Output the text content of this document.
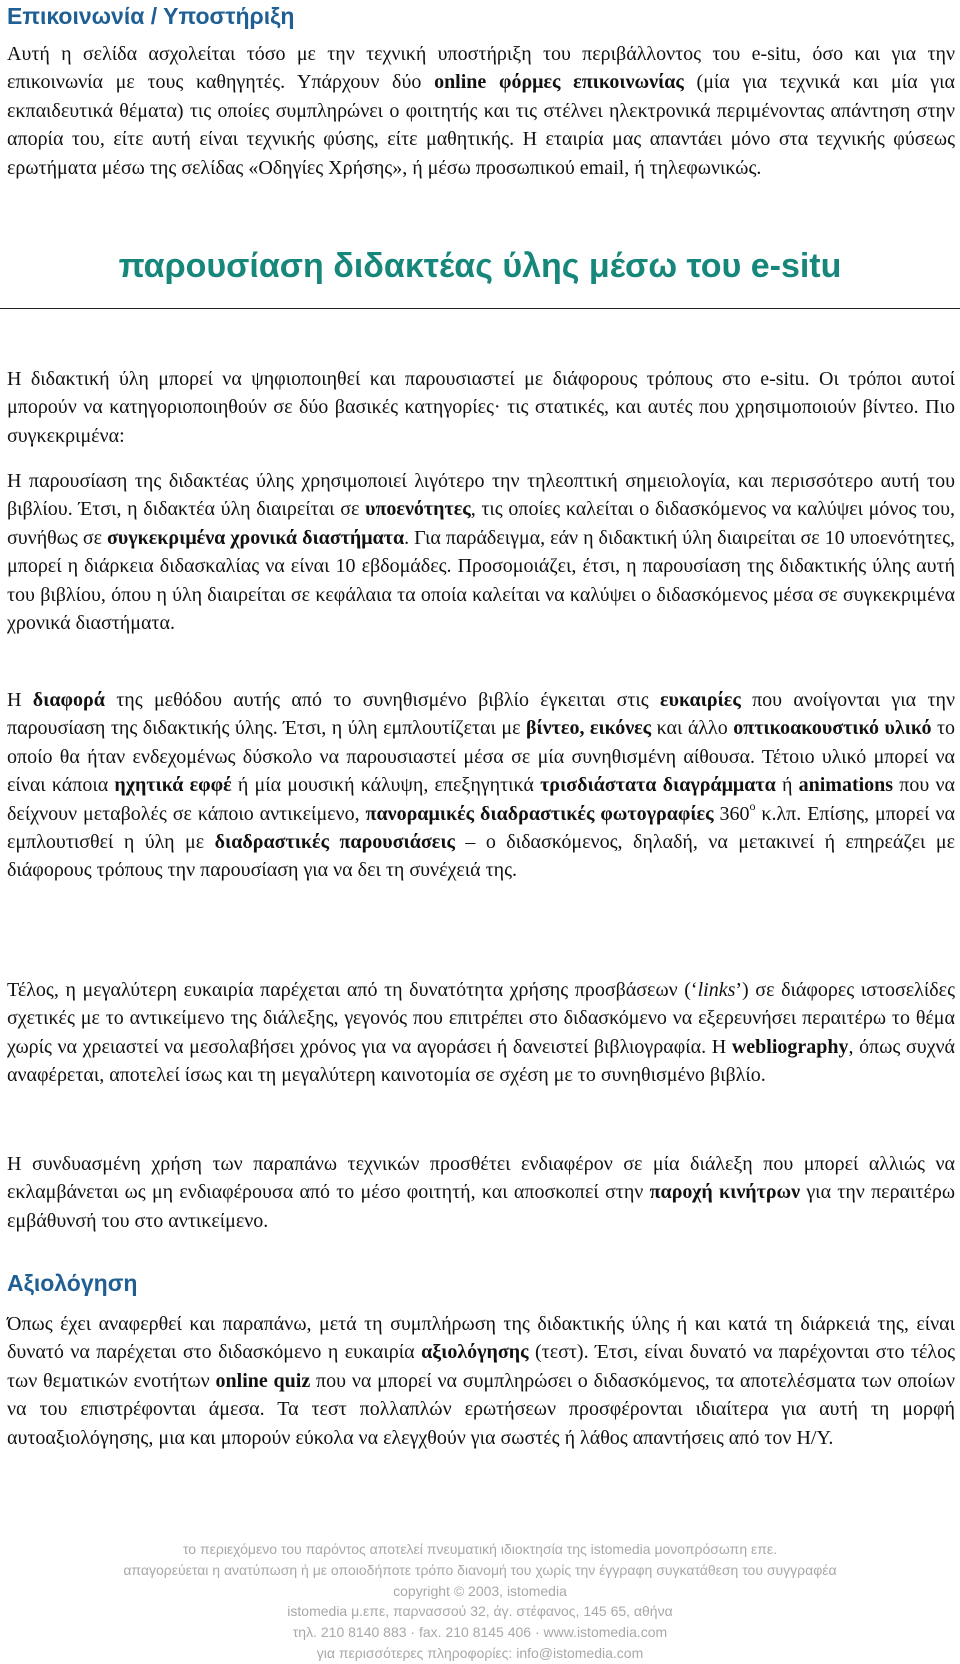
Επικοινωνία / Υποστήριξη

Αυτή η σελίδα ασχολείται τόσο με την τεχνική υποστήριξη του περιβάλλοντος του e-situ, όσο και για την επικοινωνία με τους καθηγητές. Υπάρχουν δύο online φόρμες επικοινωνίας (μία για τεχνικά και μία για εκπαιδευτικά θέματα) τις οποίες συμπληρώνει ο φοιτητής και τις στέλνει ηλεκτρονικά περιμένοντας απάντηση στην απορία του, είτε αυτή είναι τεχνικής φύσης, είτε μαθητικής. Η εταιρία μας απαντάει μόνο στα τεχνικής φύσεως ερωτήματα μέσω της σελίδας «Οδηγίες Χρήσης», ή μέσω προσωπικού email, ή τηλεφωνικώς.

παρουσίαση διδακτέας ύλης μέσω του e-situ

Η διδακτική ύλη μπορεί να ψηφιοποιηθεί και παρουσιαστεί με διάφορους τρόπους στο e-situ. Οι τρόποι αυτοί μπορούν να κατηγοριοποιηθούν σε δύο βασικές κατηγορίες· τις στατικές, και αυτές που χρησιμοποιούν βίντεο. Πιο συγκεκριμένα:

Η παρουσίαση της διδακτέας ύλης χρησιμοποιεί λιγότερο την τηλεοπτική σημειολογία, και περισσότερο αυτή του βιβλίου. Έτσι, η διδακτέα ύλη διαιρείται σε υποενότητες, τις οποίες καλείται ο διδασκόμενος να καλύψει μόνος του, συνήθως σε συγκεκριμένα χρονικά διαστήματα. Για παράδειγμα, εάν η διδακτική ύλη διαιρείται σε 10 υποενότητες, μπορεί η διάρκεια διδασκαλίας να είναι 10 εβδομάδες. Προσομοιάζει, έτσι, η παρουσίαση της διδακτικής ύλης αυτή του βιβλίου, όπου η ύλη διαιρείται σε κεφάλαια τα οποία καλείται να καλύψει ο διδασκόμενος μέσα σε συγκεκριμένα χρονικά διαστήματα.

Η διαφορά της μεθόδου αυτής από το συνηθισμένο βιβλίο έγκειται στις ευκαιρίες που ανοίγονται για την παρουσίαση της διδακτικής ύλης. Έτσι, η ύλη εμπλουτίζεται με βίντεο, εικόνες και άλλο οπτικοακουστικό υλικό το οποίο θα ήταν ενδεχομένως δύσκολο να παρουσιαστεί μέσα σε μία συνηθισμένη αίθουσα. Τέτοιο υλικό μπορεί να είναι κάποια ηχητικά εφφέ ή μία μουσική κάλυψη, επεξηγητικά τρισδιάστατα διαγράμματα ή animations που να δείχνουν μεταβολές σε κάποιο αντικείμενο, πανοραμικές διαδραστικές φωτογραφίες $360^o$ κ.λπ. Επίσης, μπορεί να εμπλουτισθεί η ύλη με διαδραστικές παρουσιάσεις – ο διδασκόμενος, δηλαδή, να μετακινεί ή επηρεάζει με διάφορους τρόπους την παρουσίαση για να δει τη συνέχειά της.

Τέλος, η μεγαλύτερη ευκαιρία παρέχεται από τη δυνατότητα χρήσης προσβάσεων (‘links’) σε διάφορες ιστοσελίδες σχετικές με το αντικείμενο της διάλεξης, γεγονός που επιτρέπει στο διδασκόμενο να εξερευνήσει περαιτέρω το θέμα χωρίς να χρειαστεί να μεσολαβήσει χρόνος για να αγοράσει ή δανειστεί βιβλιογραφία. Η webliography, όπως συχνά αναφέρεται, αποτελεί ίσως και τη μεγαλύτερη καινοτομία σε σχέση με το συνηθισμένο βιβλίο.

Η συνδυασμένη χρήση των παραπάνω τεχνικών προσθέτει ενδιαφέρον σε μία διάλεξη που μπορεί αλλιώς να εκλαμβάνεται ως μη ενδιαφέρουσα από το μέσο φοιτητή, και αποσκοπεί στην παροχή κινήτρων για την περαιτέρω εμβάθυνσή του στο αντικείμενο.

Αξιολόγηση

Όπως έχει αναφερθεί και παραπάνω, μετά τη συμπλήρωση της διδακτικής ύλης ή και κατά τη διάρκειά της, είναι δυνατό να παρέχεται στο διδασκόμενο η ευκαιρία αξιολόγησης (τεστ). Έτσι, είναι δυνατό να παρέχονται στο τέλος των θεματικών ενοτήτων online quiz που να μπορεί να συμπληρώσει ο διδασκόμενος, τα αποτελέσματα των οποίων να του επιστρέφονται άμεσα. Τα τεστ πολλαπλών ερωτήσεων προσφέρονται ιδιαίτερα για αυτή τη μορφή αυτοαξιολόγησης, μια και μπορούν εύκολα να ελεγχθούν για σωστές ή λάθος απαντήσεις από τον Η/Υ.

το περιεχόμενο του παρόντος αποτελεί πνευματική ιδιοκτησία της istomedia μονοπρόσωπη επε.
απαγορεύεται η ανατύπωση ή με οποιοδήποτε τρόπο διανομή του χωρίς την έγγραφη συγκατάθεση του συγγραφέα
copyright © 2003, istomedia
istomedia μ.επε, παρνασσού 32, άγ. στέφανος, 145 65, αθήνα
τηλ. 210 8140 883 · fax. 210 8145 406 · www.istomedia.com
για περισσότερες πληροφορίες: info@istomedia.com
